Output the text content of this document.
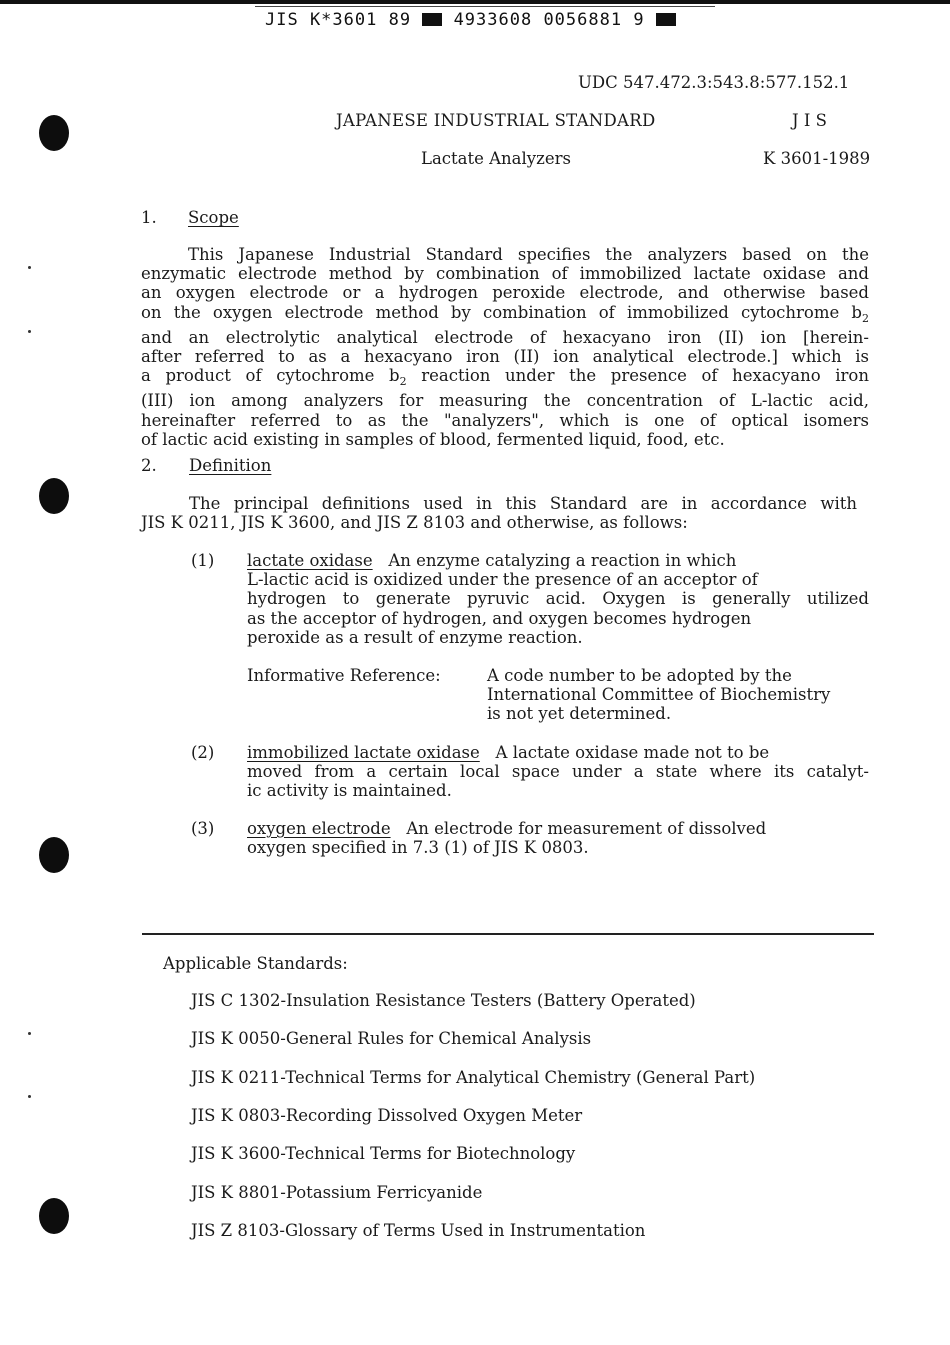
JIS K*3601 89	4933608 0056881 9
UDC 547.472.3:543.8:577.152.1
JAPANESE INDUSTRIAL STANDARD	J I S
Lactate Analyzers	K 3601-1989
1. Scope
This Japanese Industrial Standard specifies the analyzers based on the
enzymatic electrode method by combination of immobilized lactate oxidase and
an oxygen electrode or a hydrogen peroxide electrode, and otherwise based
on the oxygen electrode method by combination of immobilized cytochrome $b_2$
and an electrolytic analytical electrode of hexacyano iron (II) ion [herein-
after referred to as a hexacyano iron (II) ion analytical electrode.] which is
a product of cytochrome $b_2$ reaction under the presence of hexacyano iron
(III) ion among analyzers for measuring the concentration of L-lactic acid,
hereinafter referred to as the "analyzers", which is one of optical isomers
of lactic acid existing in samples of blood, fermented liquid, food, etc.
2. Definition
The principal definitions used in this Standard are in accordance with
JIS K 0211, JIS K 3600, and JIS Z 8103 and otherwise, as follows:
(1) lactate oxidase An enzyme catalyzing a reaction in which
L-lactic acid is oxidized under the presence of an acceptor of
hydrogen to generate pyruvic acid. Oxygen is generally utilized
as the acceptor of hydrogen, and oxygen becomes hydrogen
peroxide as a result of enzyme reaction.
Informative Reference:	A code number to be adopted by the
International Committee of Biochemistry
is not yet determined.
(2) immobilized lactate oxidase A lactate oxidase made not to be
moved from a certain local space under a state where its catalyt-
ic activity is maintained.
(3) oxygen electrode An electrode for measurement of dissolved
oxygen specified in 7.3 (1) of JIS K 0803.
Applicable Standards:
JIS C 1302-Insulation Resistance Testers (Battery Operated)
JIS K 0050-General Rules for Chemical Analysis
JIS K 0211-Technical Terms for Analytical Chemistry (General Part)
JIS K 0803-Recording Dissolved Oxygen Meter
JIS K 3600-Technical Terms for Biotechnology
JIS K 8801-Potassium Ferricyanide
JIS Z 8103-Glossary of Terms Used in Instrumentation
